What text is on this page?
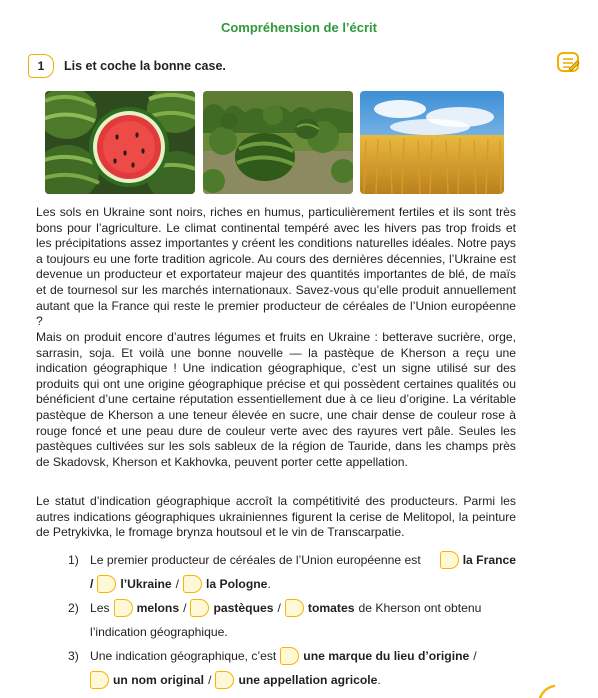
Compréhension de l’écrit
1 Lis et coche la bonne case.

Les sols en Ukraine sont noirs, riches en humus, particulièrement fertiles et ils sont très bons pour l’agriculture. Le climat continental tempéré avec les hivers pas trop froids et les précipitations assez importantes y créent les conditions naturelles idéales. Notre pays a toujours eu une forte tradition agricole. Au cours des dernières décennies, l’Ukraine est devenue un producteur et exportateur majeur des quantités importantes de blé, de maïs et de tournesol sur les marchés internationaux. Savez-vous qu’elle produit annuellement autant que la France qui reste le premier producteur de céréales de l’Union européenne ?

Mais on produit encore d’autres légumes et fruits en Ukraine : betterave sucrière, orge, sarrasin, soja. Et voilà une bonne nouvelle — la pastèque de Kherson a reçu une indication géographique ! Une indication géographique, c’est un signe utilisé sur des produits qui ont une origine géographique précise et qui possèdent certaines qualités ou bénéficient d’une certaine réputation essentiellement due à ce lieu d’origine. La véritable pastèque de Kherson a une teneur élevée en sucre, une chair dense de couleur rose à rouge foncé et une peau dure de couleur verte avec des rayures vert pâle. Seules les pastèques cultivées sur les sols sableux de la région de Tauride, dans les champs près de Skadovsk, Kherson et Kakhovka, peuvent porter cette appellation.

Le statut d’indication géographique accroît la compétitivité des producteurs. Parmi les autres indications géographiques ukrainiennes figurent la cerise de Melitopol, la peinture de Petrykivka, le fromage brynza houtsoul et le vin de Transcarpatie.

1) Le premier producteur de céréales de l’Union européenne est	la France
/ l’Ukraine / la Pologne .
2) Les melons / pastèques / tomates de Kherson ont obtenu
l’indication géographique.
3) Une indication géographique, c’est une marque du lieu d’origine /
un nom original / une appellation agricole .
